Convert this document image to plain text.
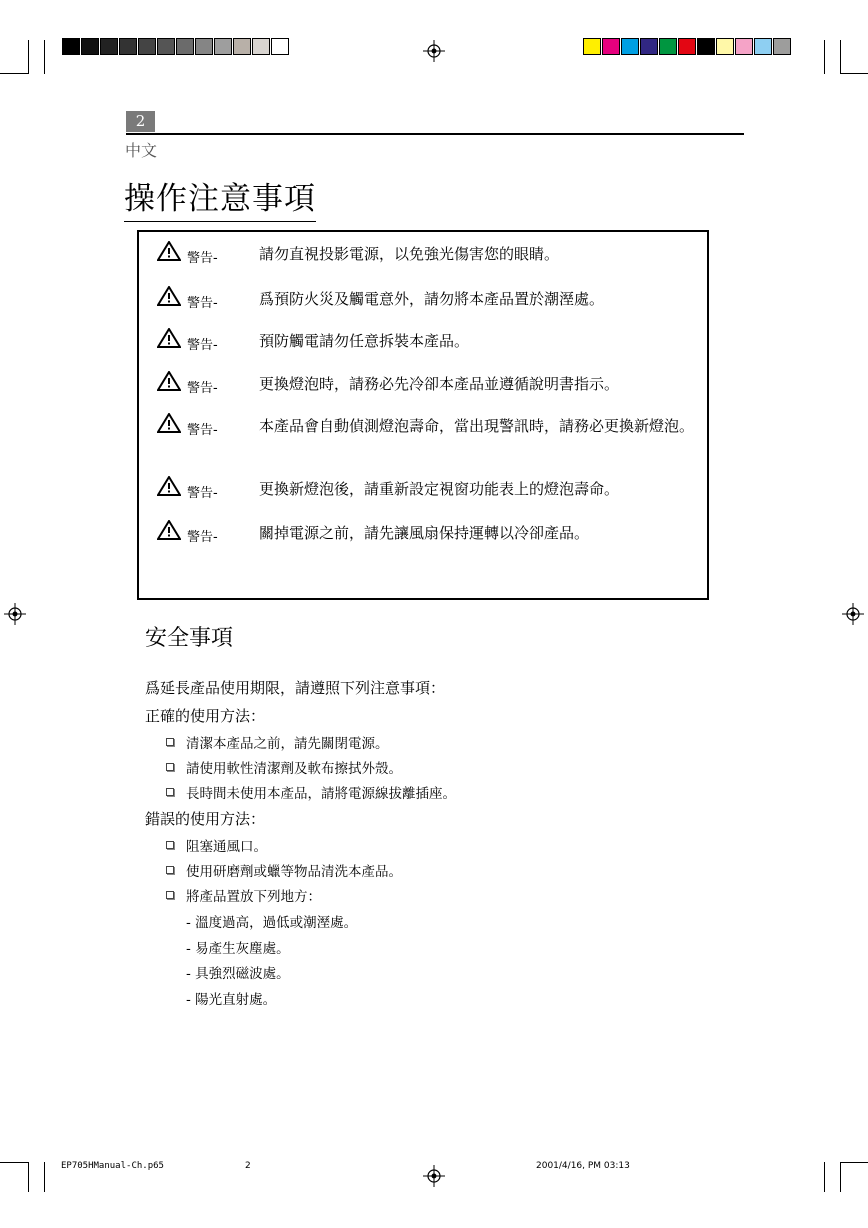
2
中文
操作注意事項
警告-	請勿直視投影電源，以免強光傷害您的眼睛。
警告-	爲預防火災及觸電意外，請勿將本產品置於潮溼處。
警告-	預防觸電請勿任意拆裝本產品。
警告-	更換燈泡時，請務必先冷卻本產品並遵循說明書指示。
警告-	本產品會自動偵測燈泡壽命，當出現警訊時，請務必更換新燈泡。
警告-	更換新燈泡後，請重新設定視窗功能表上的燈泡壽命。
警告-	關掉電源之前，請先讓風扇保持運轉以冷卻產品。
安全事項
爲延長產品使用期限，請遵照下列注意事項：
正確的使用方法：
清潔本產品之前，請先關閉電源。
請使用軟性清潔劑及軟布擦拭外殼。
長時間未使用本產品，請將電源線拔離插座。
錯誤的使用方法：
阻塞通風口。
使用研磨劑或蠟等物品清洗本產品。
將產品置放下列地方：
- 溫度過高，過低或潮溼處。
- 易產生灰塵處。
- 具強烈磁波處。
- 陽光直射處。
EP705HManual-Ch.p65	2	2001/4/16, PM 03:13
